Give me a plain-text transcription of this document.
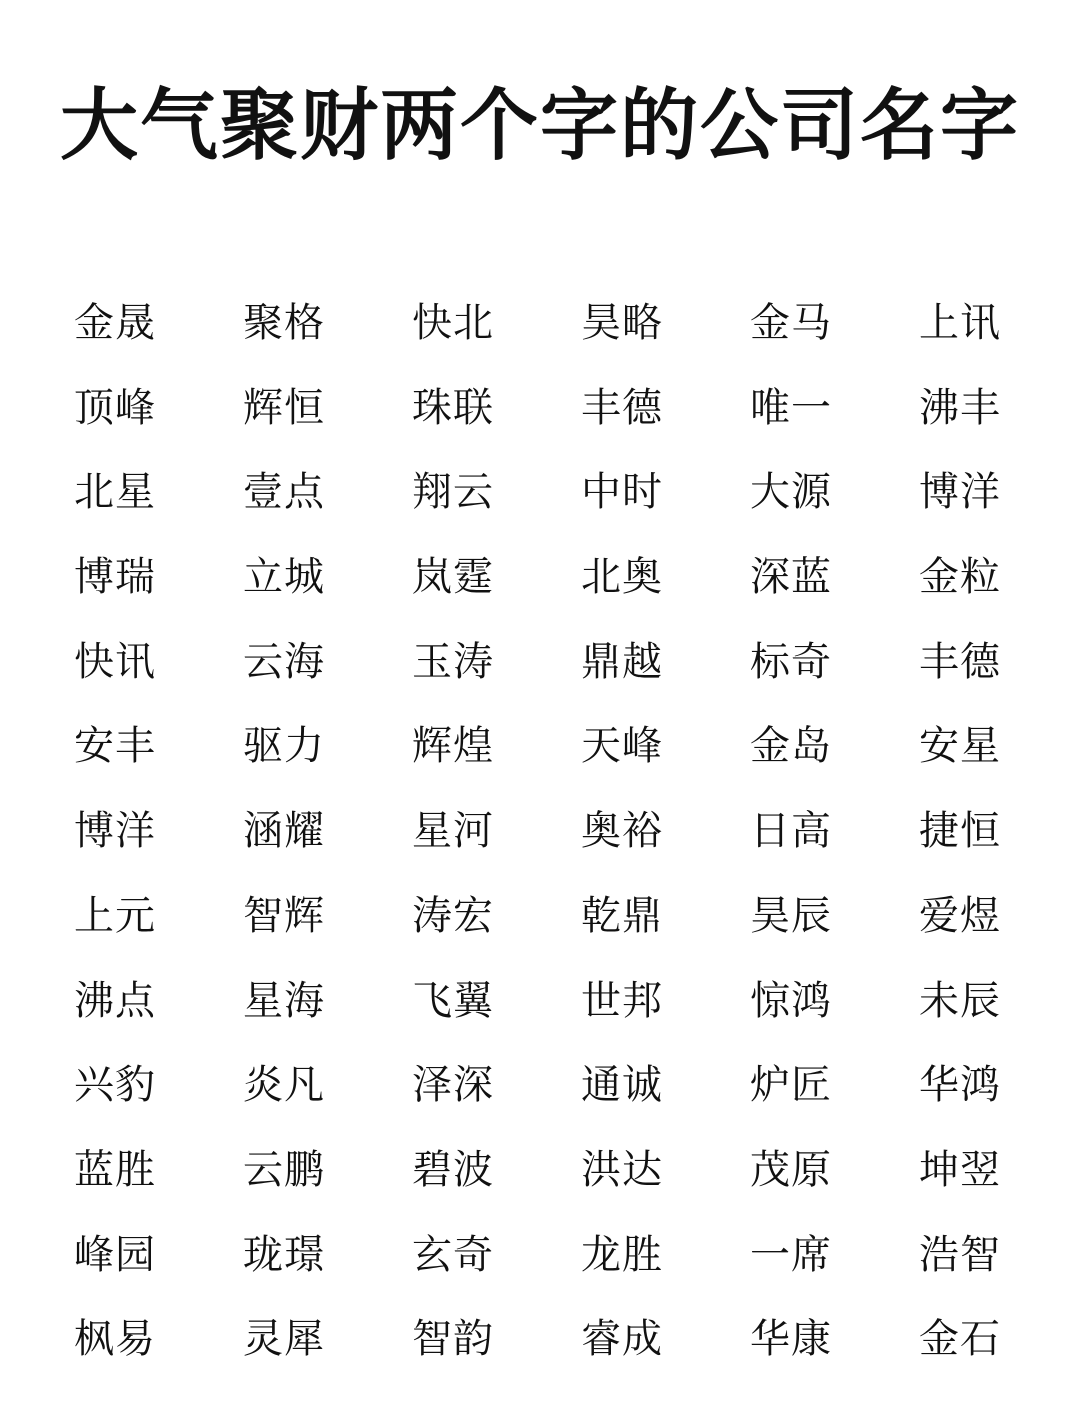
大气聚财两个字的公司名字
金晟	聚格	快北	昊略	金马	上讯
顶峰	辉恒	珠联	丰德	唯一	沸丰
北星	壹点	翔云	中时	大源	博洋
博瑞	立城	岚霆	北奥	深蓝	金粒
快讯	云海	玉涛	鼎越	标奇	丰德
安丰	驱力	辉煌	天峰	金岛	安星
博洋	涵耀	星河	奥裕	日高	捷恒
上元	智辉	涛宏	乾鼎	昊辰	爱煜
沸点	星海	飞翼	世邦	惊鸿	未辰
兴豹	炎凡	泽深	通诚	炉匠	华鸿
蓝胜	云鹏	碧波	洪达	茂原	坤翌
峰园	珑璟	玄奇	龙胜	一席	浩智
枫易	灵犀	智韵	睿成	华康	金石
